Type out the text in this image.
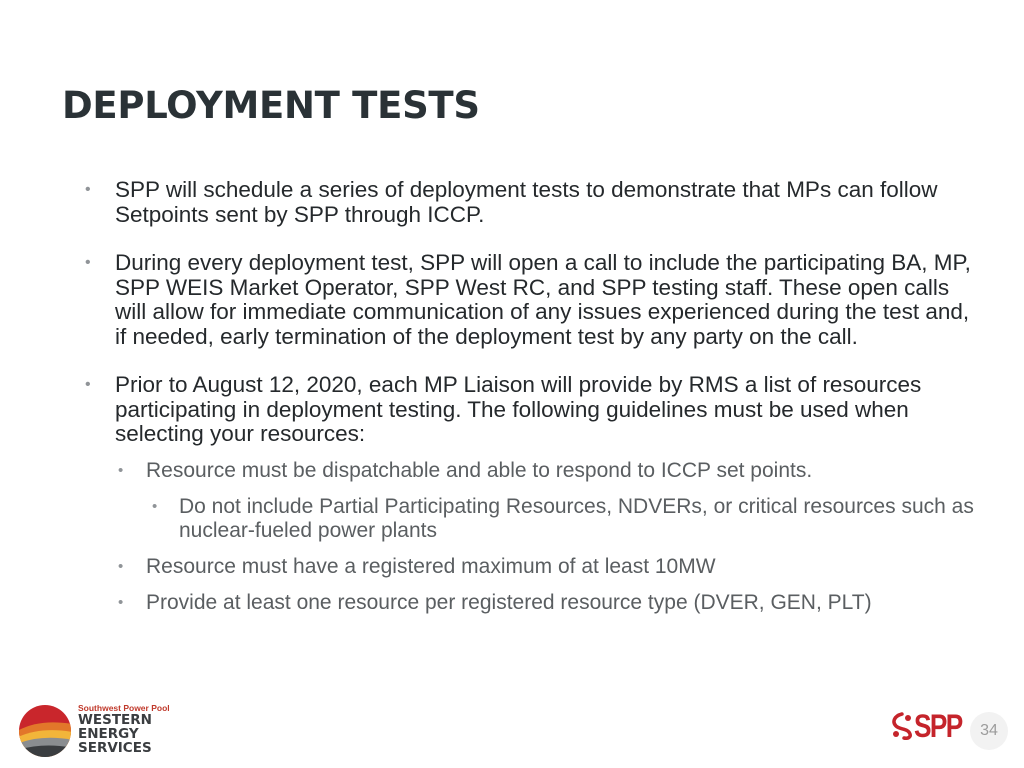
DEPLOYMENT TESTS
• SPP will schedule a series of deployment tests to demonstrate that MPs can follow Setpoints sent by SPP through ICCP.
• During every deployment test, SPP will open a call to include the participating BA, MP, SPP WEIS Market Operator, SPP West RC, and SPP testing staff. These open calls will allow for immediate communication of any issues experienced during the test and, if needed, early termination of the deployment test by any party on the call.
• Prior to August 12, 2020, each MP Liaison will provide by RMS a list of resources participating in deployment testing. The following guidelines must be used when selecting your resources:
• Resource must be dispatchable and able to respond to ICCP set points.
• Do not include Partial Participating Resources, NDVERs, or critical resources such as nuclear-fueled power plants
• Resource must have a registered maximum of at least 10MW
• Provide at least one resource per registered resource type (DVER, GEN, PLT)
Southwest Power Pool
WESTERN
ENERGY
SERVICES
SPP	34
